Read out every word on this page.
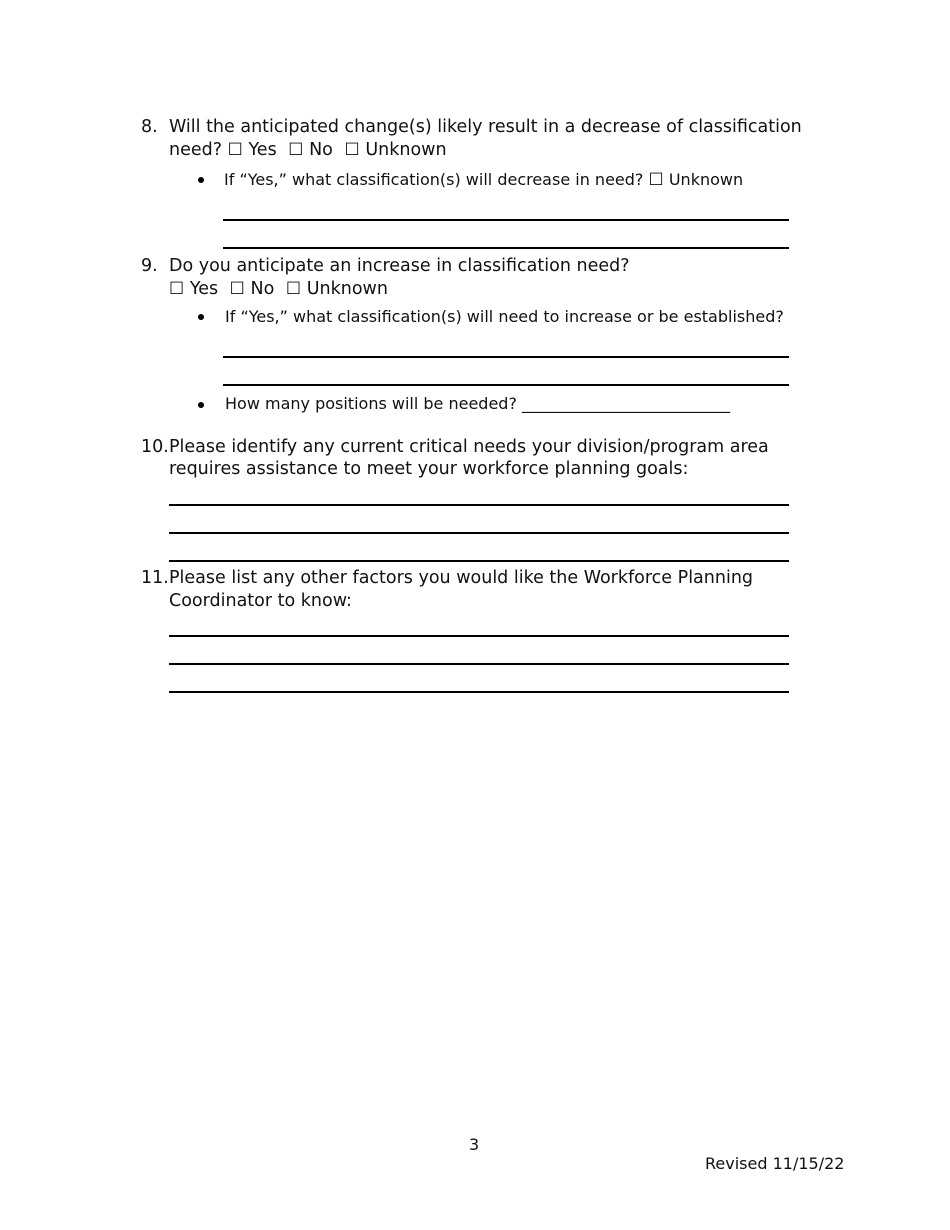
8. Will the anticipated change(s) likely result in a decrease of classification
need? ☐ Yes ☐ No ☐ Unknown
If “Yes,” what classification(s) will decrease in need? ☐ Unknown
9. Do you anticipate an increase in classification need?
☐ Yes ☐ No ☐ Unknown
If “Yes,” what classification(s) will need to increase or be established?
How many positions will be needed? __________________________
10. Please identify any current critical needs your division/program area
requires assistance to meet your workforce planning goals:
11. Please list any other factors you would like the Workforce Planning
Coordinator to know:
3
Revised 11/15/22
